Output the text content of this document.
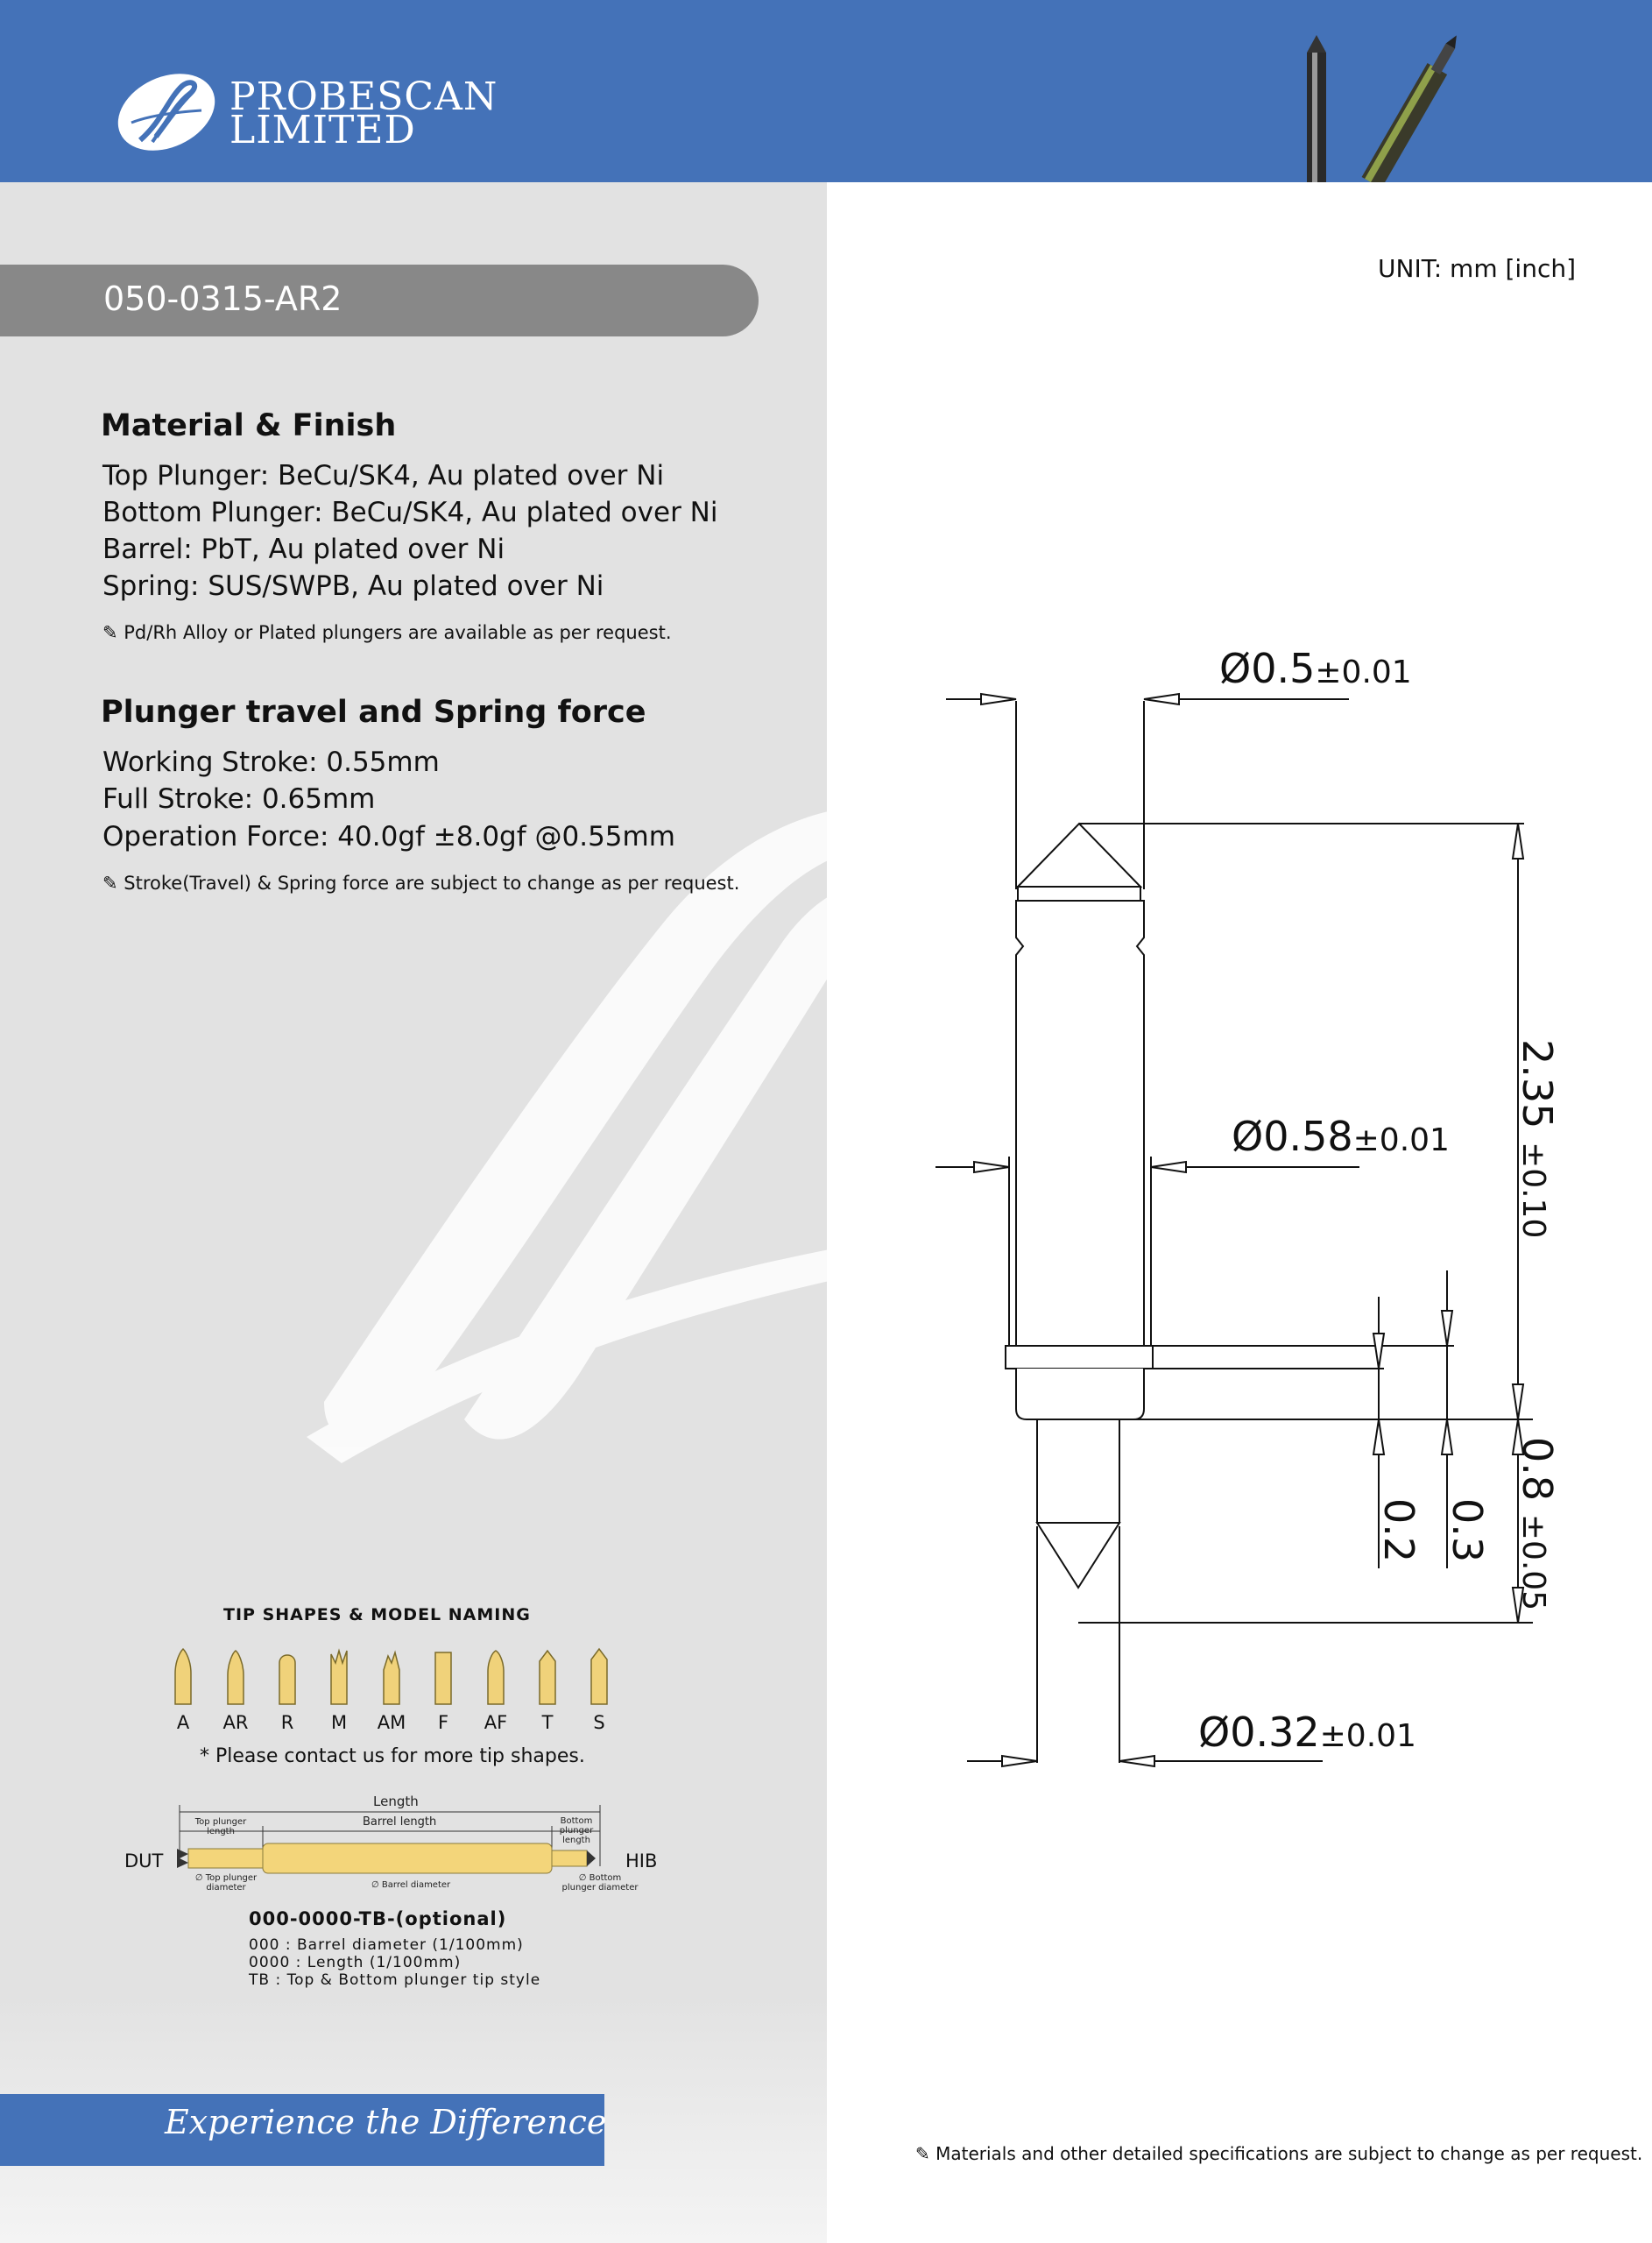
PROBESCAN
LIMITED
050-0315-AR2
UNIT: mm [inch]
Material & Finish
Top Plunger: BeCu/SK4, Au plated over Ni
Bottom Plunger: BeCu/SK4, Au plated over Ni
Barrel: PbT, Au plated over Ni
Spring: SUS/SWPB, Au plated over Ni
✎ Pd/Rh Alloy or Plated plungers are available as per request.
Plunger travel and Spring force
Working Stroke: 0.55mm
Full Stroke: 0.65mm
Operation Force: 40.0gf ±8.0gf @0.55mm
✎ Stroke(Travel) & Spring force are subject to change as per request.
TIP SHAPES & MODEL NAMING
A	AR	R	M	AM	F	AF	T	S
* Please contact us for more tip shapes.
Length
Top plunger length
Barrel length	Bottom plunger length
DUT	HIB
∅ Top plunger diameter	∅ Barrel diameter
∅ Bottom plunger diameter
000-0000-TB-(optional)
000 : Barrel diameter (1/100mm)
0000 : Length (1/100mm)
TB : Top & Bottom plunger tip style
Experience the Difference
✎ Materials and other detailed specifications are subject to change as per request.
Ø0.5±0.01
Ø0.58±0.01
Ø0.32±0.01
2.35 ±0.10
0.8 ±0.05
0.2 0.3
